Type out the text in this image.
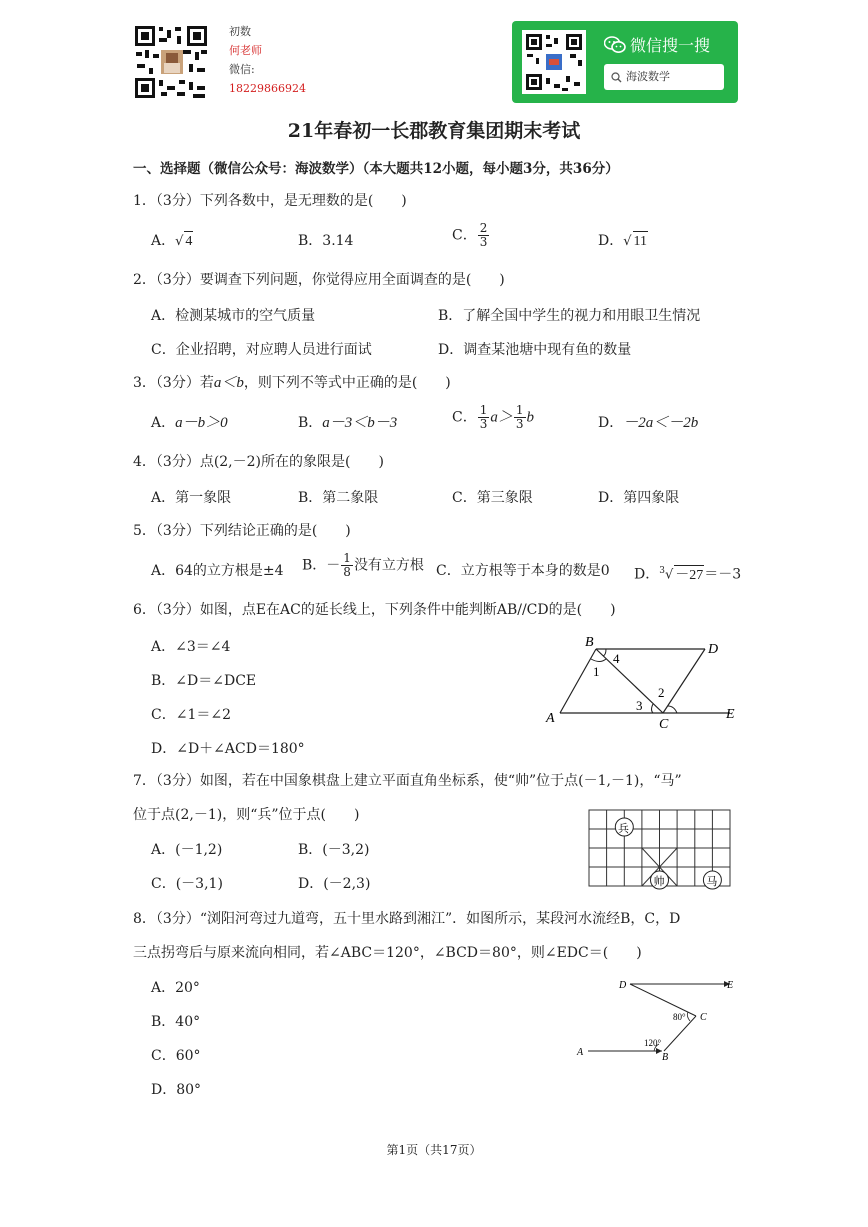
初数
何老师
微信:
18229866924
微信搜一搜
海波数学
21年春初一长郡教育集团期末考试
一、选择题（微信公众号：海波数学）（本大题共12小题，每小题3分，共36分）
1．（3分）下列各数中，是无理数的是(　　)
A．√ 4	B．3.14	C． $\frac{2}{3}$	D．√ 11
2．（3分）要调查下列问题，你觉得应用全面调查的是(　　)
A．检测某城市的空气质量	B．了解全国中学生的视力和用眼卫生情况
C．企业招聘，对应聘人员进行面试	D．调查某池塘中现有鱼的数量
3．（3分）若a＜b，则下列不等式中正确的是(　　)
A．a－b＞0	B．a－3＜b－3	C． $\frac{1}{3} a> \frac{1}{3}$ b	D．－2a＜－2b
4．（3分）点(2,－2)所在的象限是(　　)
A．第一象限	B．第二象限	C．第三象限	D．第四象限
5．（3分）下列结论正确的是(　　)
A．64的立方根是±4 B．－ $\frac{1}{8}$ 没有立方根 C．立方根等于本身的数是0 D．$^3$√ －27＝－3
6．（3分）如图，点E在AC的延长线上，下列条件中能判断AB//CD的是(　　)
A．∠3＝∠4
B．∠D＝∠DCE
C．∠1＝∠2
D．∠D＋∠ACD＝180°
B	D
A	C
E
1
2
3
4
7．（3分）如图，若在中国象棋盘上建立平面直角坐标系，使“帅”位于点(－1,－1)，“马”
位于点(2,－1)，则“兵”位于点(　　)
A．(－1,2)	B．(－3,2)
C．(－3,1)	D．(－2,3)
兵
帅	马
8．（3分）“浏阳河弯过九道弯，五十里水路到湘江”．如图所示，某段河水流经B，C，D
三点拐弯后与原来流向相同，若∠ABC＝120°，∠BCD＝80°，则∠EDC＝(　　)
A．20°
B．40°
C．60°
D．80°
D	E
C
B
A
80°
120°
第1页（共17页）
